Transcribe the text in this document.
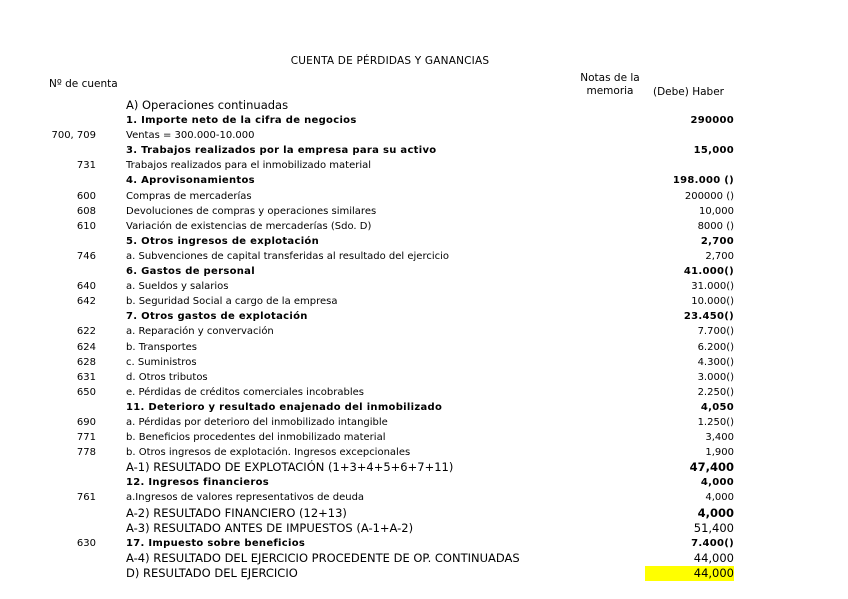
CUENTA DE PÉRDIDAS Y GANANCIAS
Nº de cuenta	Notas de la
memoria	(Debe) Haber
A) Operaciones continuadas
1. Importe neto de la cifra de negocios	290000
700, 709	Ventas = 300.000-10.000
3. Trabajos realizados por la empresa para su activo	15,000
731	Trabajos realizados para el inmobilizado material
4. Aprovisonamientos	198.000 ()
600	Compras de mercaderías	200000 ()
608	Devoluciones de compras y operaciones similares	10,000
610	Variación de existencias de mercaderías (Sdo. D)	8000 ()
5. Otros ingresos de explotación	2,700
746	a. Subvenciones de capital transferidas al resultado del ejercicio	2,700
6. Gastos de personal	41.000()
640	a. Sueldos y salarios	31.000()
642	b. Seguridad Social a cargo de la empresa	10.000()
7. Otros gastos de explotación	23.450()
622	a. Reparación y convervación	7.700()
624	b. Transportes	6.200()
628	c. Suministros	4.300()
631	d. Otros tributos	3.000()
650	e. Pérdidas de créditos comerciales incobrables	2.250()
11. Deterioro y resultado enajenado del inmobilizado	4,050
690	a. Pérdidas por deterioro del inmobilizado intangible	1.250()
771	b. Beneficios procedentes del inmobilizado material	3,400
778	b. Otros ingresos de explotación. Ingresos excepcionales	1,900
A-1) RESULTADO DE EXPLOTACIÓN (1+3+4+5+6+7+11)	47,400
12. Ingresos financieros	4,000
761	a.Ingresos de valores representativos de deuda	4,000
A-2) RESULTADO FINANCIERO (12+13)	4,000
A-3) RESULTADO ANTES DE IMPUESTOS (A-1+A-2)	51,400
630	17. Impuesto sobre beneficios	7.400()
A-4) RESULTADO DEL EJERCICIO PROCEDENTE DE OP. CONTINUADAS	44,000
D) RESULTADO DEL EJERCICIO	44,000
